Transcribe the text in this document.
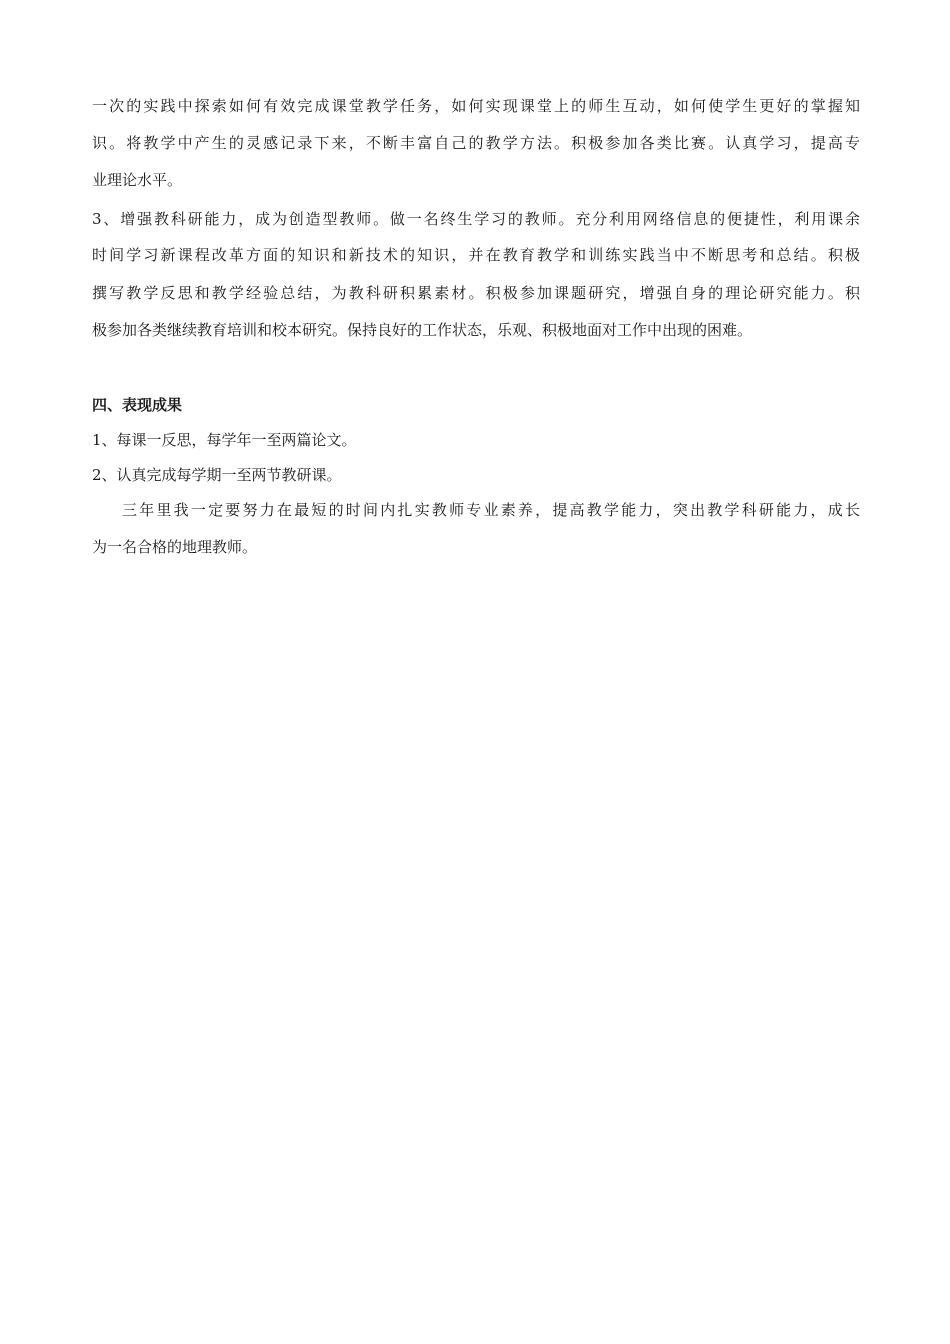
一次的实践中探索如何有效完成课堂教学任务，如何实现课堂上的师生互动，如何使学生更好的掌握知
识。将教学中产生的灵感记录下来，不断丰富自己的教学方法。积极参加各类比赛。认真学习，提高专
业理论水平。
3、增强教科研能力，成为创造型教师。做一名终生学习的教师。充分利用网络信息的便捷性，利用课余
时间学习新课程改革方面的知识和新技术的知识，并在教育教学和训练实践当中不断思考和总结。积极
撰写教学反思和教学经验总结，为教科研积累素材。积极参加课题研究，增强自身的理论研究能力。积
极参加各类继续教育培训和校本研究。保持良好的工作状态，乐观、积极地面对工作中出现的困难。
四、表现成果
1、每课一反思，每学年一至两篇论文。
2、认真完成每学期一至两节教研课。
三年里我一定要努力在最短的时间内扎实教师专业素养，提高教学能力，突出教学科研能力，成长
为一名合格的地理教师。
